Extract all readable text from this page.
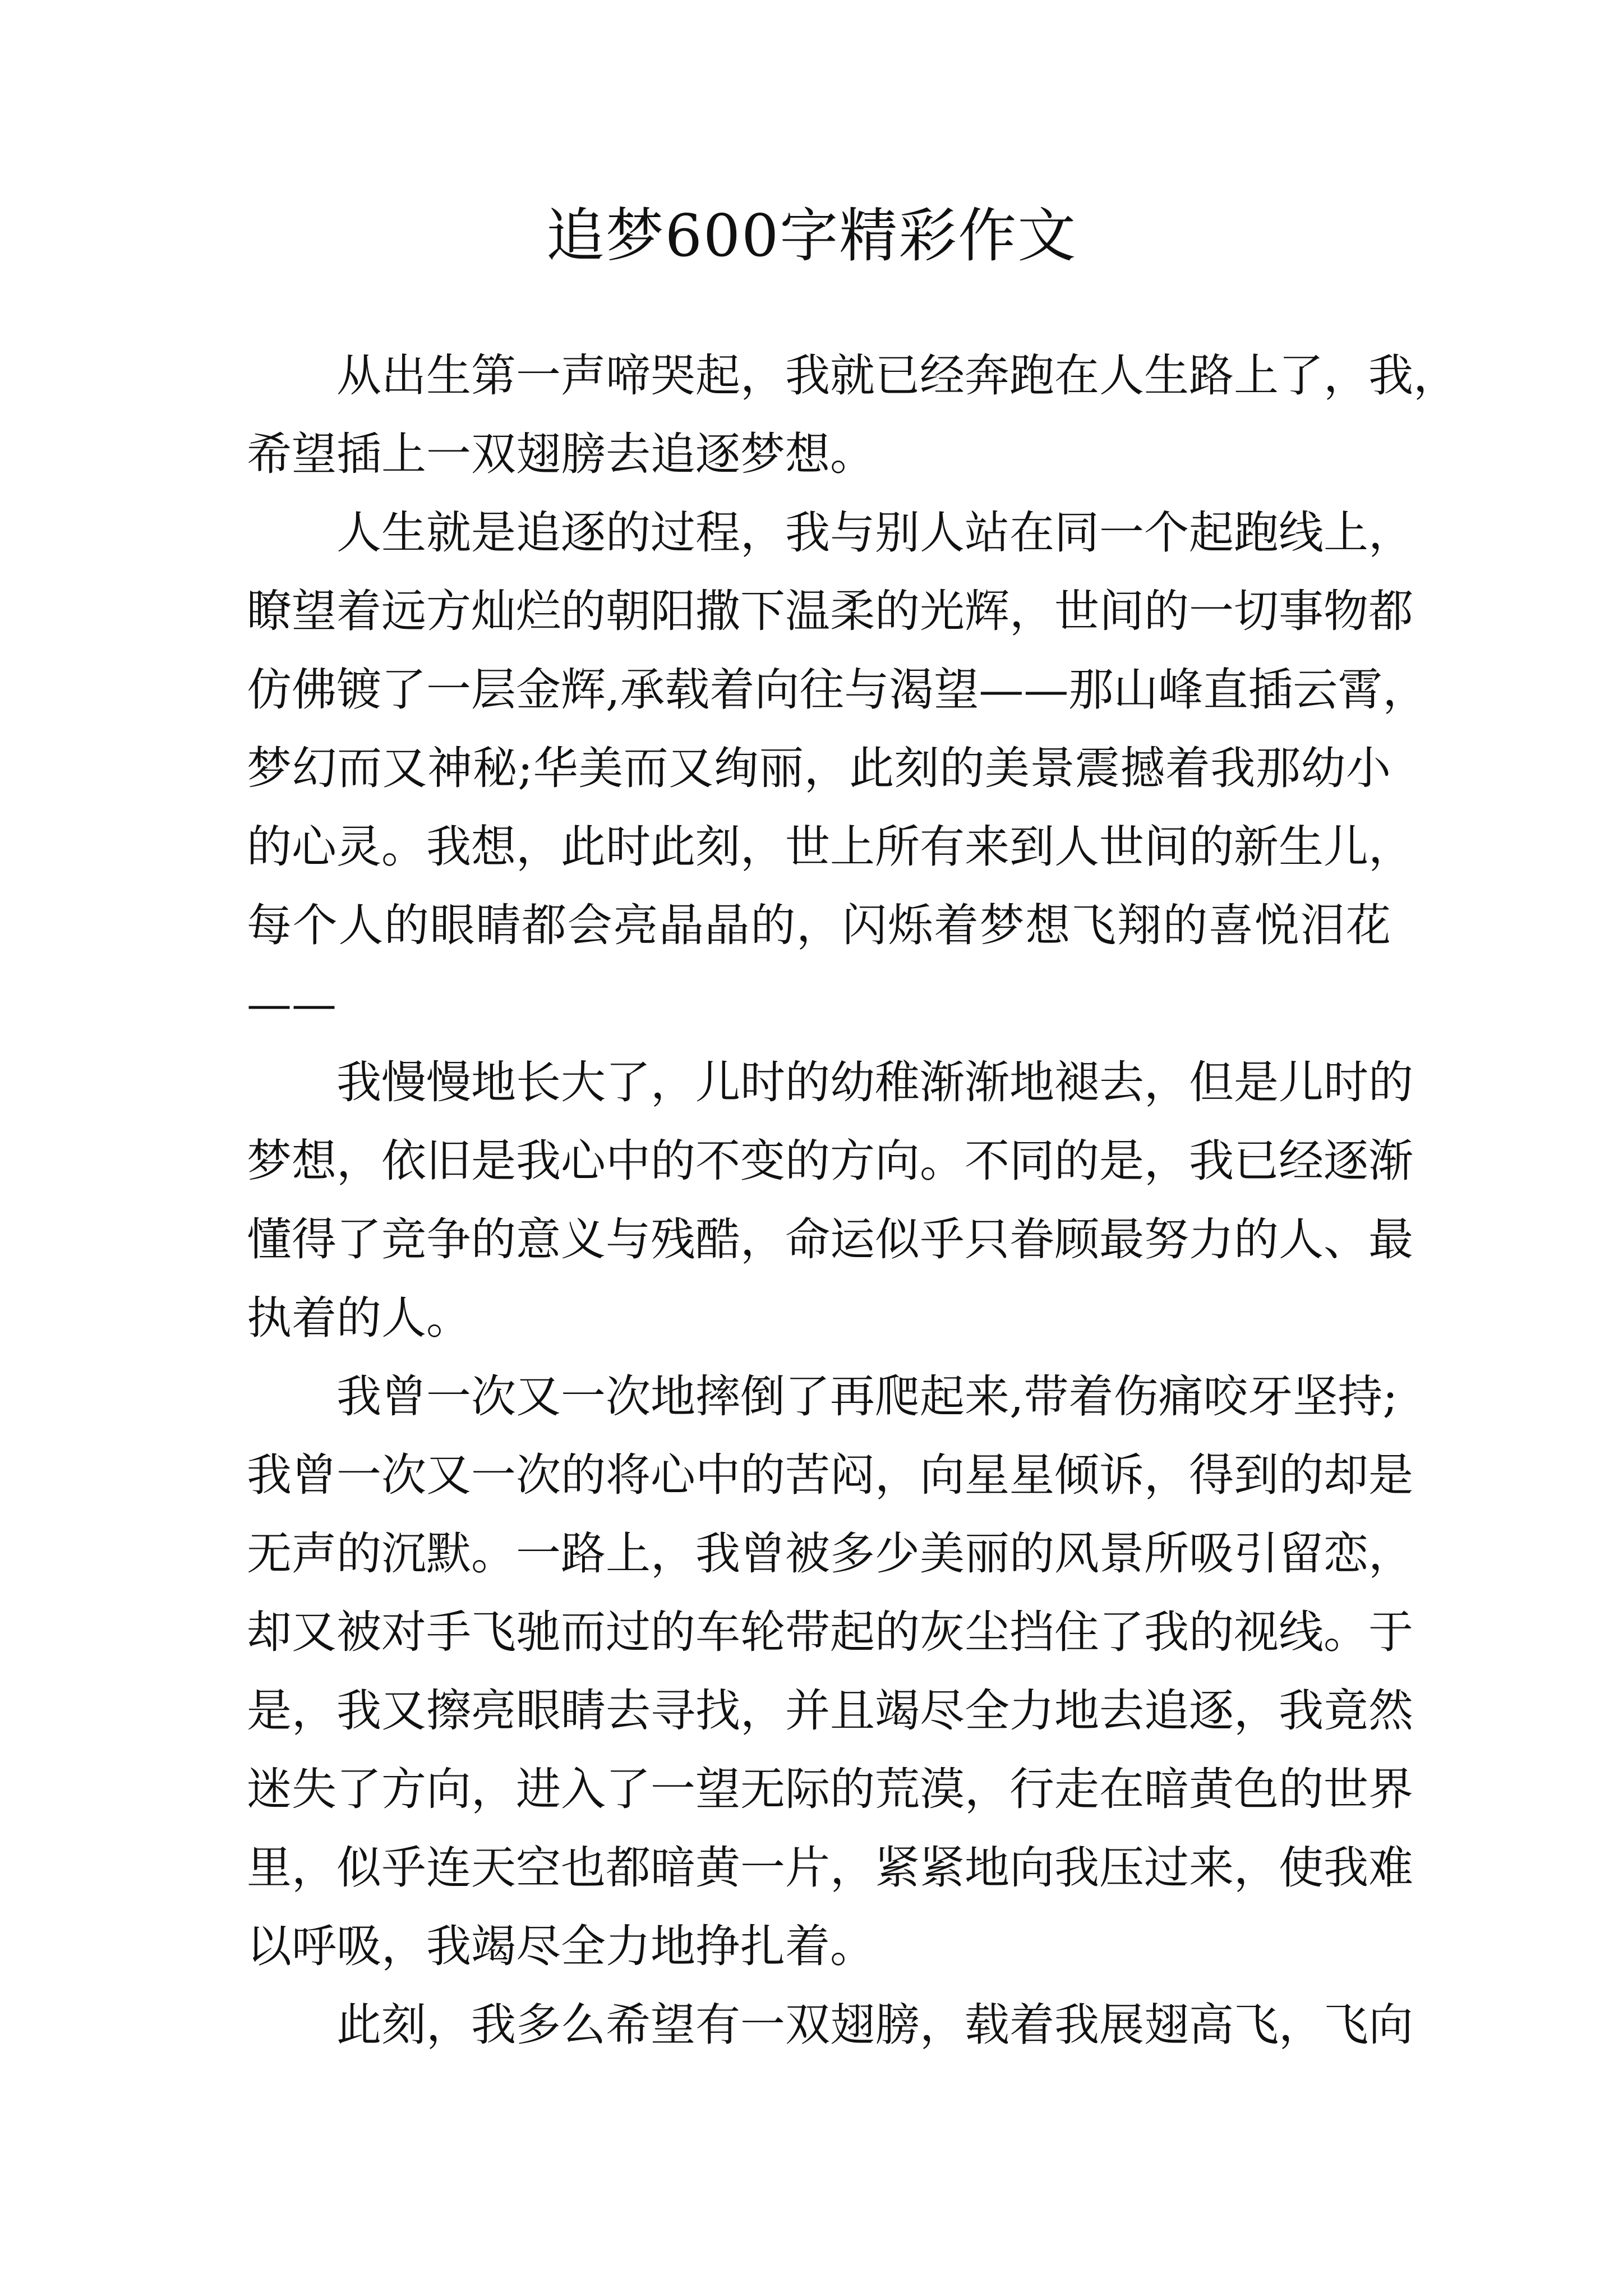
追梦600字精彩作文
从出生第一声啼哭起，我就已经奔跑在人生路上了，我，
希望插上一双翅膀去追逐梦想。
人生就是追逐的过程，我与别人站在同一个起跑线上，
瞭望着远方灿烂的朝阳撒下温柔的光辉，世间的一切事物都
仿佛镀了一层金辉,承载着向往与渴望——那山峰直插云霄，
梦幻而又神秘;华美而又绚丽，此刻的美景震撼着我那幼小
的心灵。我想，此时此刻，世上所有来到人世间的新生儿，
每个人的眼睛都会亮晶晶的，闪烁着梦想飞翔的喜悦泪花
——
我慢慢地长大了，儿时的幼稚渐渐地褪去，但是儿时的
梦想，依旧是我心中的不变的方向。不同的是，我已经逐渐
懂得了竞争的意义与残酷，命运似乎只眷顾最努力的人、最
执着的人。
我曾一次又一次地摔倒了再爬起来,带着伤痛咬牙坚持;
我曾一次又一次的将心中的苦闷，向星星倾诉，得到的却是
无声的沉默。一路上，我曾被多少美丽的风景所吸引留恋，
却又被对手飞驰而过的车轮带起的灰尘挡住了我的视线。于
是，我又擦亮眼睛去寻找，并且竭尽全力地去追逐，我竟然
迷失了方向，进入了一望无际的荒漠，行走在暗黄色的世界
里，似乎连天空也都暗黄一片，紧紧地向我压过来，使我难
以呼吸，我竭尽全力地挣扎着。
此刻，我多么希望有一双翅膀，载着我展翅高飞，飞向
